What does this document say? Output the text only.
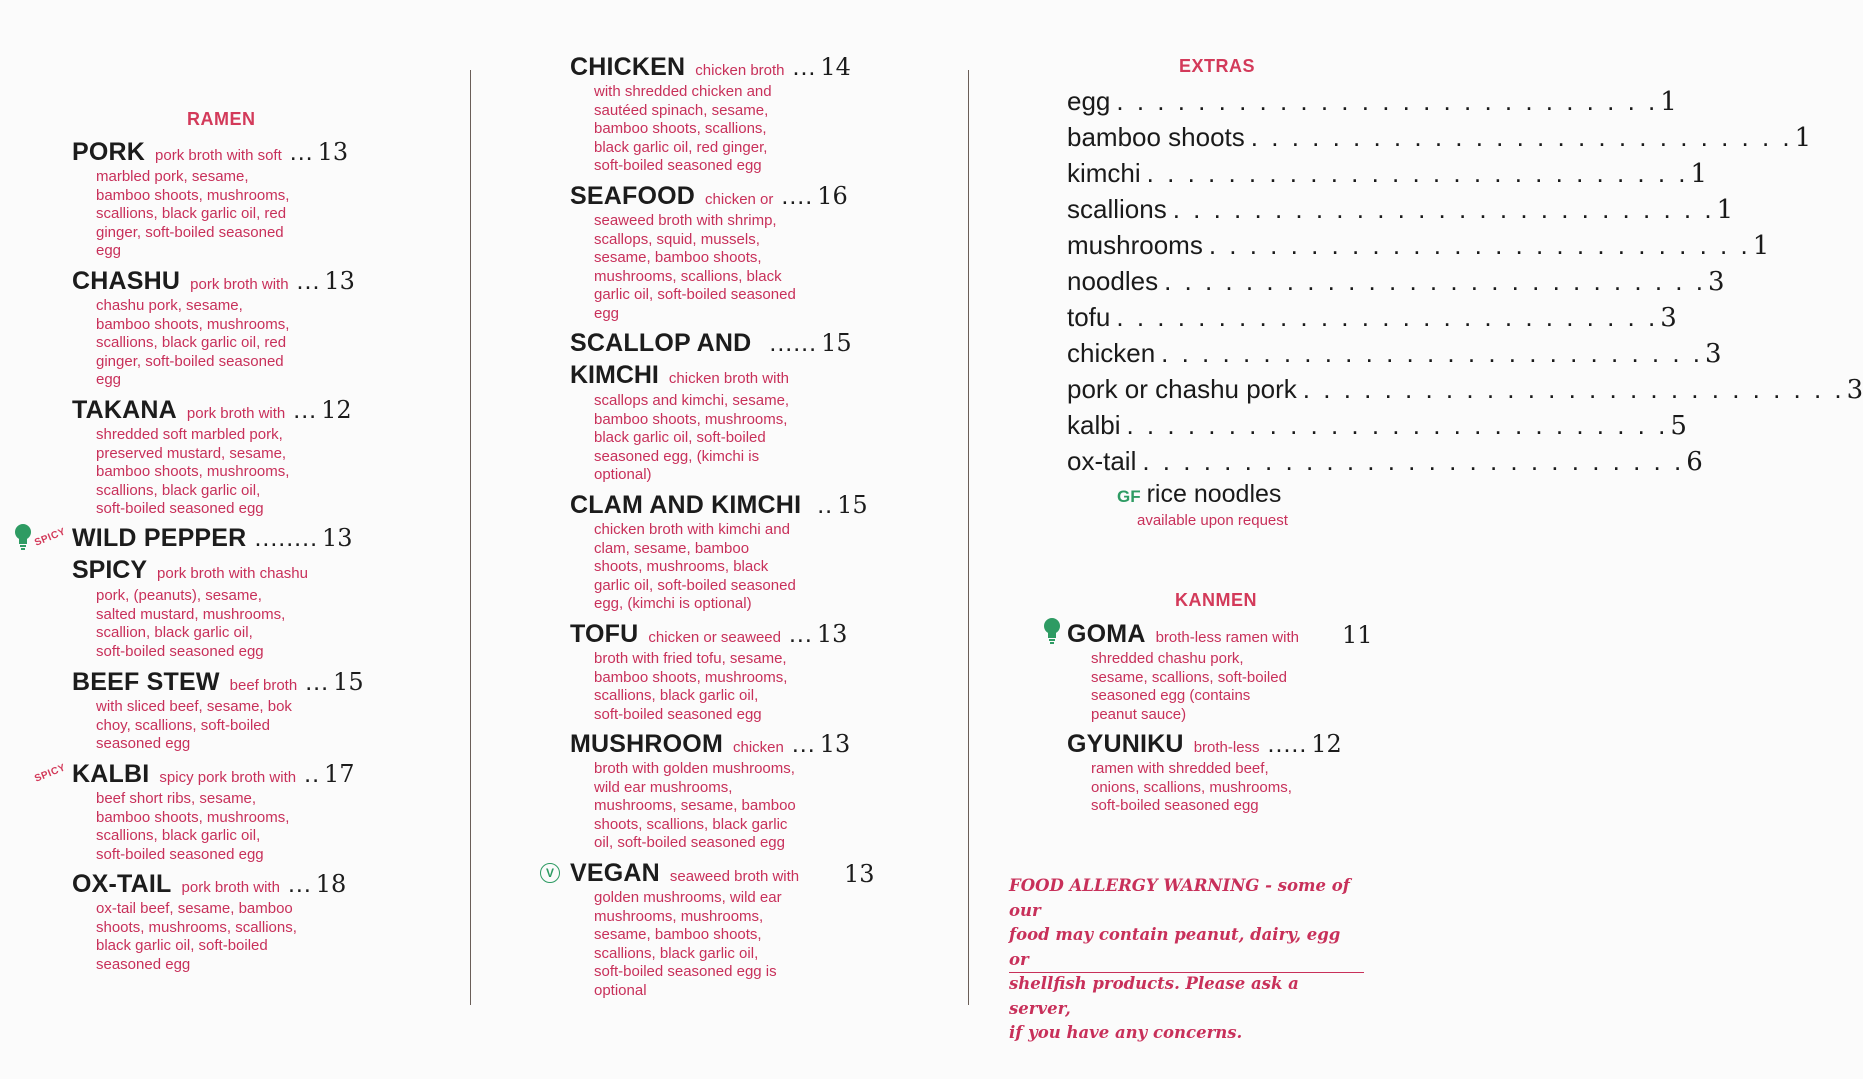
RAMEN
PORK pork broth with soft ... 13
marbled pork, sesame,
bamboo shoots, mushrooms,
scallions, black garlic oil, red
ginger, soft-boiled seasoned
egg
CHASHU pork broth with ... 13
chashu pork, sesame,
bamboo shoots, mushrooms,
scallions, black garlic oil, red
ginger, soft-boiled seasoned
egg
TAKANA pork broth with ... 12
shredded soft marbled pork,
preserved mustard, sesame,
bamboo shoots, mushrooms,
scallions, black garlic oil,
soft-boiled seasoned egg
SPICY WILD PEPPER ........ 13
SPICY pork broth with chashu
pork, (peanuts), sesame,
salted mustard, mushrooms,
scallion, black garlic oil,
soft-boiled seasoned egg
BEEF STEW beef broth ... 15
with sliced beef, sesame, bok
choy, scallions, soft-boiled
seasoned egg
SPICY KALBI spicy pork broth with .. 17
beef short ribs, sesame,
bamboo shoots, mushrooms,
scallions, black garlic oil,
soft-boiled seasoned egg
OX-TAIL pork broth with ... 18
ox-tail beef, sesame, bamboo
shoots, mushrooms, scallions,
black garlic oil, soft-boiled
seasoned egg
CHICKEN chicken broth ... 14
with shredded chicken and
sautéed spinach, sesame,
bamboo shoots, scallions,
black garlic oil, red ginger,
soft-boiled seasoned egg
SEAFOOD chicken or .... 16
seaweed broth with shrimp,
scallops, squid, mussels,
sesame, bamboo shoots,
mushrooms, scallions, black
garlic oil, soft-boiled seasoned
egg
SCALLOP AND ...... 15
KIMCHI chicken broth with
scallops and kimchi, sesame,
bamboo shoots, mushrooms,
black garlic oil, soft-boiled
seasoned egg, (kimchi is
optional)
CLAM AND KIMCHI .. 15
chicken broth with kimchi and
clam, sesame, bamboo
shoots, mushrooms, black
garlic oil, soft-boiled seasoned
egg, (kimchi is optional)
TOFU chicken or seaweed ... 13
broth with fried tofu, sesame,
bamboo shoots, mushrooms,
scallions, black garlic oil,
soft-boiled seasoned egg
MUSHROOM chicken ... 13
broth with golden mushrooms,
wild ear mushrooms,
mushrooms, sesame, bamboo
shoots, scallions, black garlic
oil, soft-boiled seasoned egg
V VEGAN seaweed broth with
golden mushrooms, wild ear
mushrooms, mushrooms,
sesame, bamboo shoots,
scallions, black garlic oil,
soft-boiled seasoned egg is
optional
13
EXTRAS
egg . . . . . . . . . . . . . . . . . . . . . . . . . . . 1
bamboo shoots . . . . . . . . . . . . . . . . . . . . . . . . . . . 1
kimchi . . . . . . . . . . . . . . . . . . . . . . . . . . . 1
scallions . . . . . . . . . . . . . . . . . . . . . . . . . . . 1
mushrooms . . . . . . . . . . . . . . . . . . . . . . . . . . . 1
noodles . . . . . . . . . . . . . . . . . . . . . . . . . . . 3
tofu . . . . . . . . . . . . . . . . . . . . . . . . . . . 3
chicken . . . . . . . . . . . . . . . . . . . . . . . . . . . 3
pork or chashu pork . . . . . . . . . . . . . . . . . . . . . . . . . . . 3
kalbi . . . . . . . . . . . . . . . . . . . . . . . . . . . 5
ox-tail . . . . . . . . . . . . . . . . . . . . . . . . . . . 6
GF rice noodles
available upon request
KANMEN
GOMA broth-less ramen with
shredded chashu pork,
sesame, scallions, soft-boiled
seasoned egg (contains
peanut sauce)
11
GYUNIKU broth-less ..... 12
ramen with shredded beef,
onions, scallions, mushrooms,
soft-boiled seasoned egg
FOOD ALLERGY WARNING - some of our
food may contain peanut, dairy, egg or
shellfish products. Please ask a server,
if you have any concerns.
